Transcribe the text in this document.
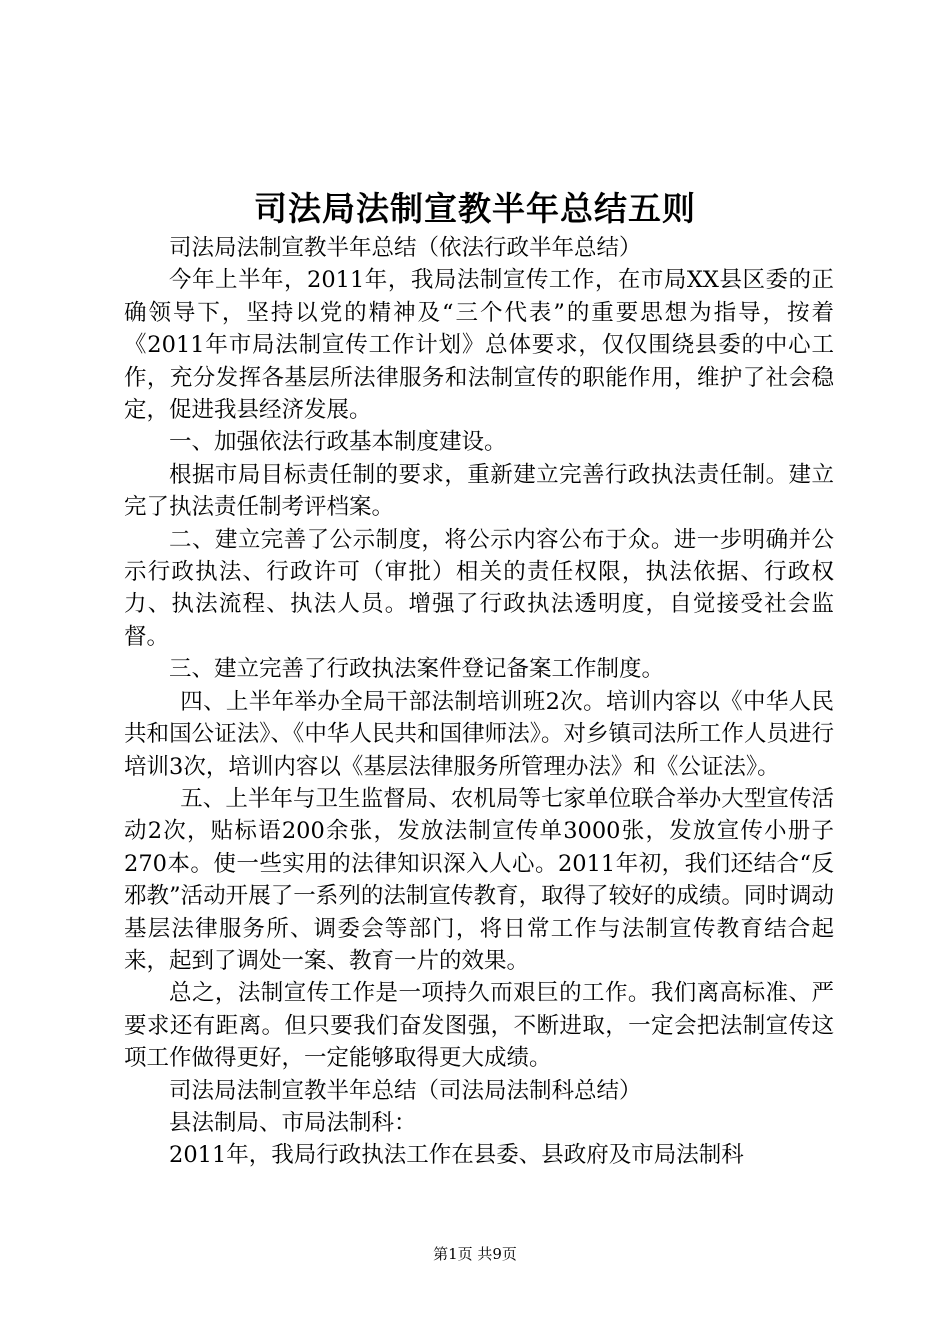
司法局法制宣教半年总结五则

司法局法制宣教半年总结（依法行政半年总结）

今年上半年，2011年，我局法制宣传工作，在市局XX县区委的正确领导下，坚持以党的精神及“三个代表”的重要思想为指导，按着《2011年市局法制宣传工作计划》总体要求，仅仅围绕县委的中心工作，充分发挥各基层所法律服务和法制宣传的职能作用，维护了社会稳定，促进我县经济发展。

一、加强依法行政基本制度建设。

根据市局目标责任制的要求，重新建立完善行政执法责任制。建立完了执法责任制考评档案。

二、建立完善了公示制度，将公示内容公布于众。进一步明确并公示行政执法、行政许可（审批）相关的责任权限，执法依据、行政权力、执法流程、执法人员。增强了行政执法透明度，自觉接受社会监督。

三、建立完善了行政执法案件登记备案工作制度。

四、上半年举办全局干部法制培训班2次。培训内容以《中华人民共和国公证法》、《中华人民共和国律师法》。对乡镇司法所工作人员进行培训3次，培训内容以《基层法律服务所管理办法》和《公证法》。

五、上半年与卫生监督局、农机局等七家单位联合举办大型宣传活动2次，贴标语200余张，发放法制宣传单3000张，发放宣传小册子270本。使一些实用的法律知识深入人心。2011年初，我们还结合“反邪教”活动开展了一系列的法制宣传教育，取得了较好的成绩。同时调动基层法律服务所、调委会等部门，将日常工作与法制宣传教育结合起来，起到了调处一案、教育一片的效果。

总之，法制宣传工作是一项持久而艰巨的工作。我们离高标准、严要求还有距离。但只要我们奋发图强，不断进取，一定会把法制宣传这项工作做得更好，一定能够取得更大成绩。

司法局法制宣教半年总结（司法局法制科总结）

县法制局、市局法制科：

2011年，我局行政执法工作在县委、县政府及市局法制科

第1页 共9页
